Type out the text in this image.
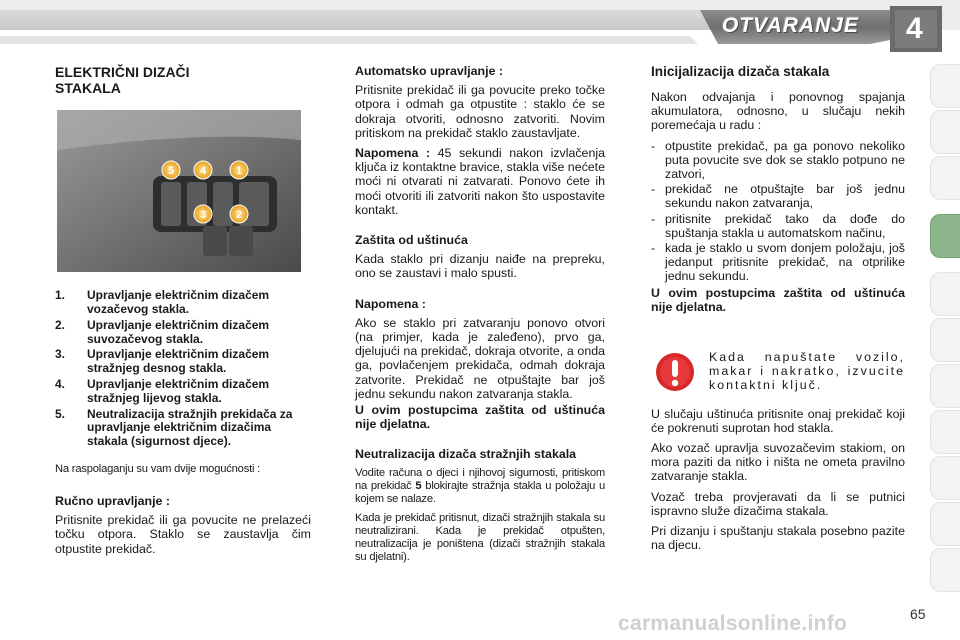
OTVARANJE 4
ELEKTRIČNI DIZAČI STAKALA
5 4	1
3	2
1.	Upravljanje električnim dizačem vozačevog stakla.
2.	Upravljanje električnim dizačem suvozačevog stakla.
3.	Upravljanje električnim dizačem stražnjeg desnog stakla.
4.	Upravljanje električnim dizačem stražnjeg lijevog stakla.
5.	Neutralizacija stražnjih prekidača za upravljanje električnim dizačima stakala (sigurnost djece).

Na raspolaganju su vam dvije mogućnosti :

Ručno upravljanje :

Pritisnite prekidač ili ga povucite ne prelazeći točku otpora. Staklo se zaustavlja čim otpustite prekidač.

Automatsko upravljanje :

Pritisnite prekidač ili ga povucite preko točke otpora i odmah ga otpustite : staklo će se dokraja otvoriti, odnosno zatvoriti. Novim pritiskom na prekidač staklo zaustavljate.

Napomena : 45 sekundi nakon izvlačenja ključa iz kontaktne bravice, stakla više nećete moći ni otvarati ni zatvarati. Ponovo ćete ih moći otvoriti ili zatvoriti nakon što uspostavite kontakt.

Zaštita od uštinuća

Kada staklo pri dizanju naiđe na prepreku, ono se zaustavi i malo spusti.

Napomena :

Ako se staklo pri zatvaranju ponovo otvori (na primjer, kada je zaleđeno), prvo ga, djelujući na prekidač, dokraja otvorite, a onda ga, povlačenjem prekidača, odmah dokraja zatvorite. Prekidač ne otpuštajte bar još jednu sekundu nakon zatvaranja stakla.

U ovim postupcima zaštita od uštinuća nije djelatna.

Neutralizacija dizača stražnjih stakala

Vodite računa o djeci i njihovoj sigurnosti, pritiskom na prekidač 5 blokirajte stražnja stakla u položaju u kojem se nalaze.

Kada je prekidač pritisnut, dizači stražnjih stakala su neutralizirani. Kada je prekidač otpušten, neutralizacija je poništena (dizači stražnjih stakala su djelatni).

Inicijalizacija dizača stakala

Nakon odvajanja i ponovnog spajanja akumulatora, odnosno, u slučaju nekih poremećaja u radu :

- otpustite prekidač, pa ga ponovo nekoliko puta povucite sve dok se staklo potpuno ne zatvori,
- prekidač ne otpuštajte bar još jednu sekundu nakon zatvaranja,
- pritisnite prekidač tako da dođe do spuštanja stakla u automatskom načinu,
- kada je staklo u svom donjem položaju, još jedanput pritisnite prekidač, na otprilike jednu sekundu.

U ovim postupcima zaštita od uštinuća nije djelatna.

Kada napuštate vozilo, makar i nakratko, izvucite kontaktni ključ.

U slučaju uštinuća pritisnite onaj prekidač koji će pokrenuti suprotan hod stakla.

Ako vozač upravlja suvozačevim stakiom, on mora paziti da nitko i ništa ne ometa pravilno zatvaranje stakla.

Vozač treba provjeravati da li se putnici ispravno služe dizačima stakala.

Pri dizanju i spuštanju stakala posebno pazite na djecu.

carmanualsonline.info	65
